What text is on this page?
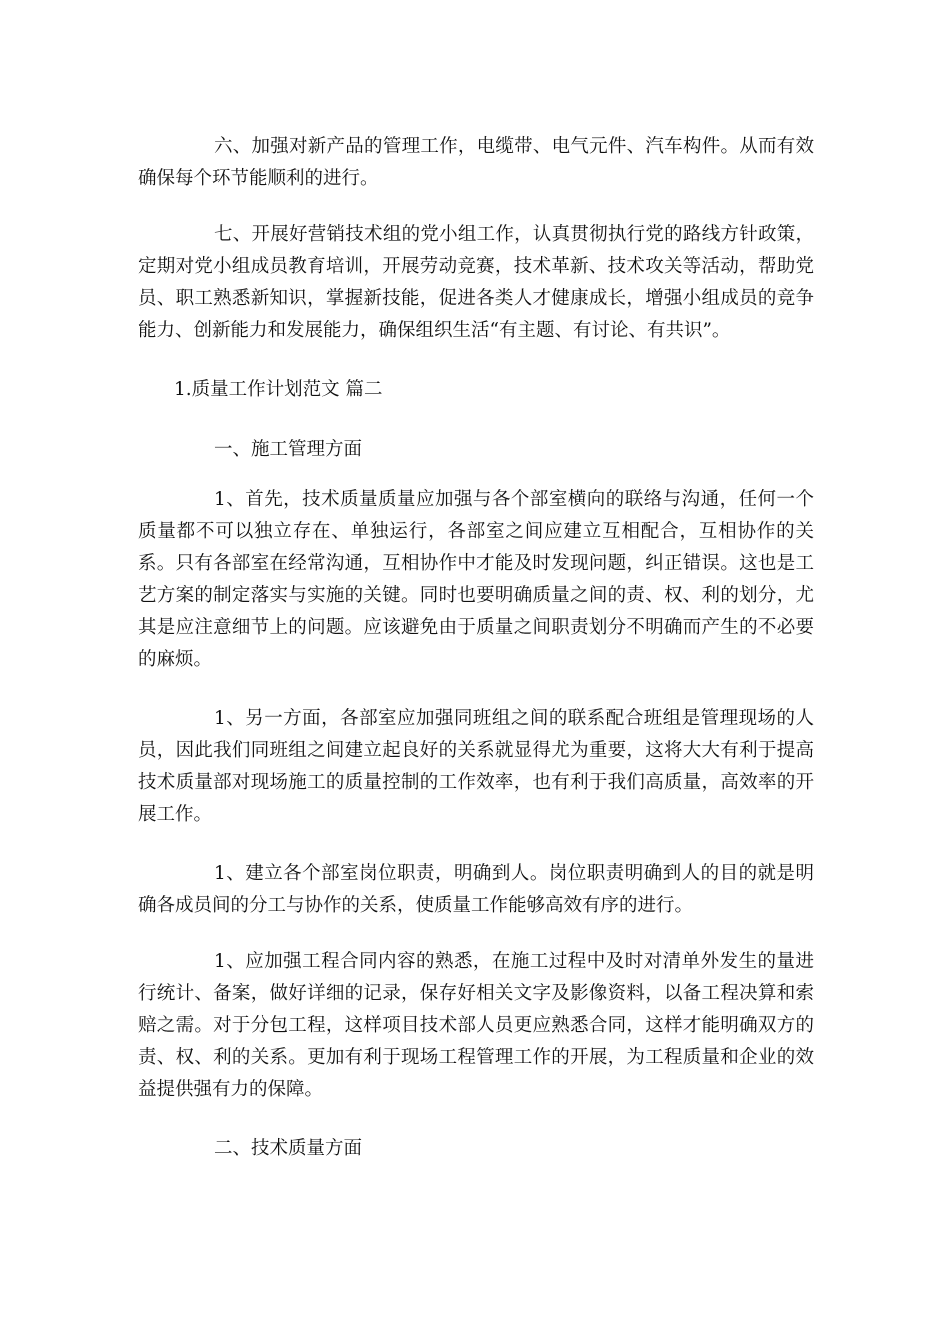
六、加强对新产品的管理工作，电缆带、电气元件、汽车构件。从而有效确保每个环节能顺利的进行。

七、开展好营销技术组的党小组工作，认真贯彻执行党的路线方针政策，定期对党小组成员教育培训，开展劳动竞赛，技术革新、技术攻关等活动，帮助党员、职工熟悉新知识，掌握新技能，促进各类人才健康成长，增强小组成员的竞争能力、创新能力和发展能力，确保组织生活“有主题、有讨论、有共识”。

1.质量工作计划范文 篇二

一、施工管理方面

1、首先，技术质量质量应加强与各个部室横向的联络与沟通，任何一个质量都不可以独立存在、单独运行，各部室之间应建立互相配合，互相协作的关系。只有各部室在经常沟通，互相协作中才能及时发现问题，纠正错误。这也是工艺方案的制定落实与实施的关键。同时也要明确质量之间的责、权、利的划分，尤其是应注意细节上的问题。应该避免由于质量之间职责划分不明确而产生的不必要的麻烦。

1、另一方面，各部室应加强同班组之间的联系配合班组是管理现场的人员，因此我们同班组之间建立起良好的关系就显得尤为重要，这将大大有利于提高技术质量部对现场施工的质量控制的工作效率，也有利于我们高质量，高效率的开展工作。

1、建立各个部室岗位职责，明确到人。岗位职责明确到人的目的就是明确各成员间的分工与协作的关系，使质量工作能够高效有序的进行。

1、应加强工程合同内容的熟悉，在施工过程中及时对清单外发生的量进行统计、备案，做好详细的记录，保存好相关文字及影像资料，以备工程决算和索赔之需。对于分包工程，这样项目技术部人员更应熟悉合同，这样才能明确双方的责、权、利的关系。更加有利于现场工程管理工作的开展，为工程质量和企业的效益提供强有力的保障。

二、技术质量方面
